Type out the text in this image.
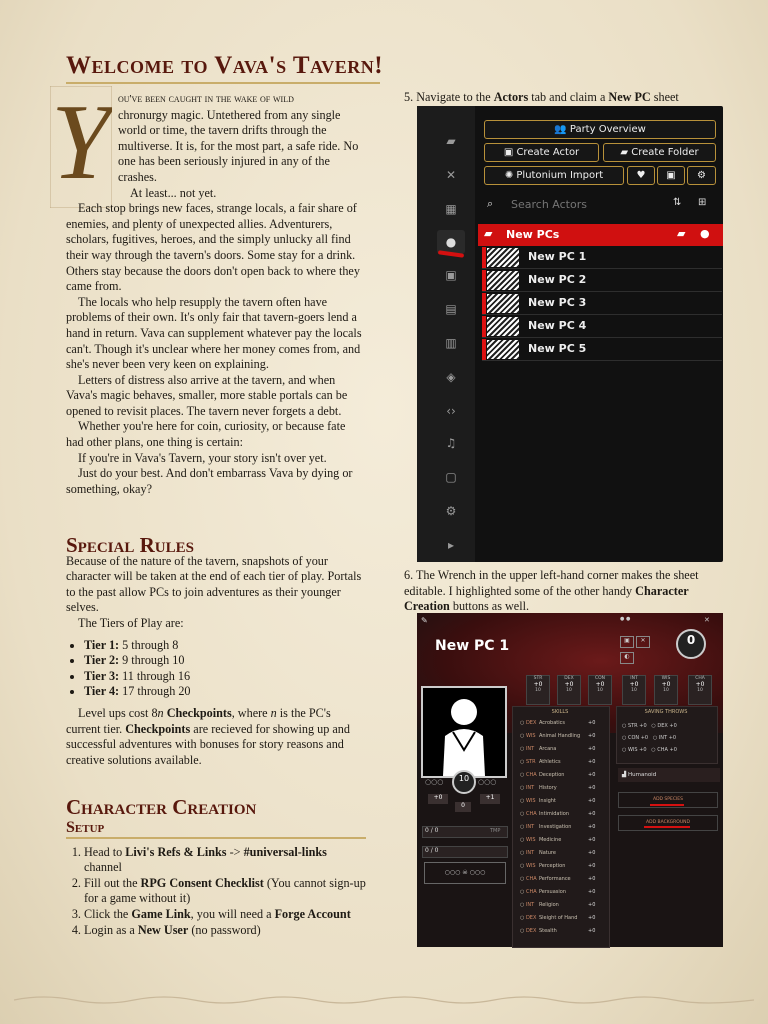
Welcome to Vava's Tavern!
Y ou've been caught in the wake of wild

chronurgy magic. Untethered from any single world or time, the tavern drifts through the multiverse. It is, for the most part, a safe ride. No one has been seriously injured in any of the crashes.

At least... not yet.

Each stop brings new faces, strange locals, a fair share of enemies, and plenty of unexpected allies. Adventurers, scholars, fugitives, heroes, and the simply unlucky all find their way through the tavern's doors. Some stay for a drink. Others stay because the doors don't open back to where they came from.

The locals who help resupply the tavern often have problems of their own. It's only fair that tavern-goers lend a hand in return. Vava can supplement whatever pay the locals can't. Though it's unclear where her money comes from, and she's never been very keen on explaining.

Letters of distress also arrive at the tavern, and when Vava's magic behaves, smaller, more stable portals can be opened to revisit places. The tavern never forgets a debt.

Whether you're here for coin, curiosity, or because fate had other plans, one thing is certain:

If you're in Vava's Tavern, your story isn't over yet.

Just do your best. And don't embarrass Vava by dying or something, okay?

Special Rules

Because of the nature of the tavern, snapshots of your character will be taken at the end of each tier of play. Portals to the past allow PCs to join adventures as their younger selves.

The Tiers of Play are:

• Tier 1: 5 through 8
• Tier 2: 9 through 10
• Tier 3: 11 through 16
• Tier 4: 17 through 20

Level ups cost 8n Checkpoints, where n is the PC's current tier. Checkpoints are recieved for showing up and successful adventures with bonuses for story reasons and creative solutions available.

Character Creation
Setup
1. Head to Livi's Refs & Links -> #universal-links channel
2. Fill out the RPG Consent Checklist (You cannot sign-up for a game without it)
3. Click the Game Link, you will need a Forge Account
4. Login as a New User (no password)
5. Navigate to the Actors tab and claim a New PC sheet
▰
✕
▦
●
▣
▤
▥
◈
‹›
♫
▢
⚙
▸
👥 Party Overview
▣ Create Actor	▰ Create Folder
✺ Plutonium Import	♥	▣	⚙
⌕
Search Actors	⇅ ⊞
▰ New PCs	▰ ●
New PC 1
New PC 2
New PC 3
New PC 4
New PC 5
6. The Wrench in the upper left-hand corner makes the sheet editable. I highlighted some of the other handy Character Creation buttons as well.
✎
New PC 1	▣	✕
◐
0
● ●	✕
STR
+0
10
DEX
+0
10
CON
+0
10
INT
+0
10
WIS
+0
10
CHA
+0
10
○○○	○○○
10
+0	+1
0
0 / 0	TMP
0 / 0
○○○ ☠ ○○○
SKILLS
○ DEX Acrobatics	+0
○ WIS Animal Handling +0
○ INT Arcana	+0
○ STR Athletics	+0
○ CHA Deception	+0
○ INT History	+0
○ WIS Insight	+0
○ CHA Intimidation	+0
○ INT Investigation	+0
○ WIS Medicine	+0
○ INT Nature	+0
○ WIS Perception	+0
○ CHA Performance	+0
○ CHA Persuasion	+0
○ INT Religion	+0
○ DEX Sleight of Hand +0
○ DEX Stealth	+0
SAVING THROWS
○ STR +0   ○ DEX +0
○ CON +0   ○ INT +0
○ WIS +0   ○ CHA +0
▟ Humanoid
ADD SPECIES
ADD BACKGROUND
